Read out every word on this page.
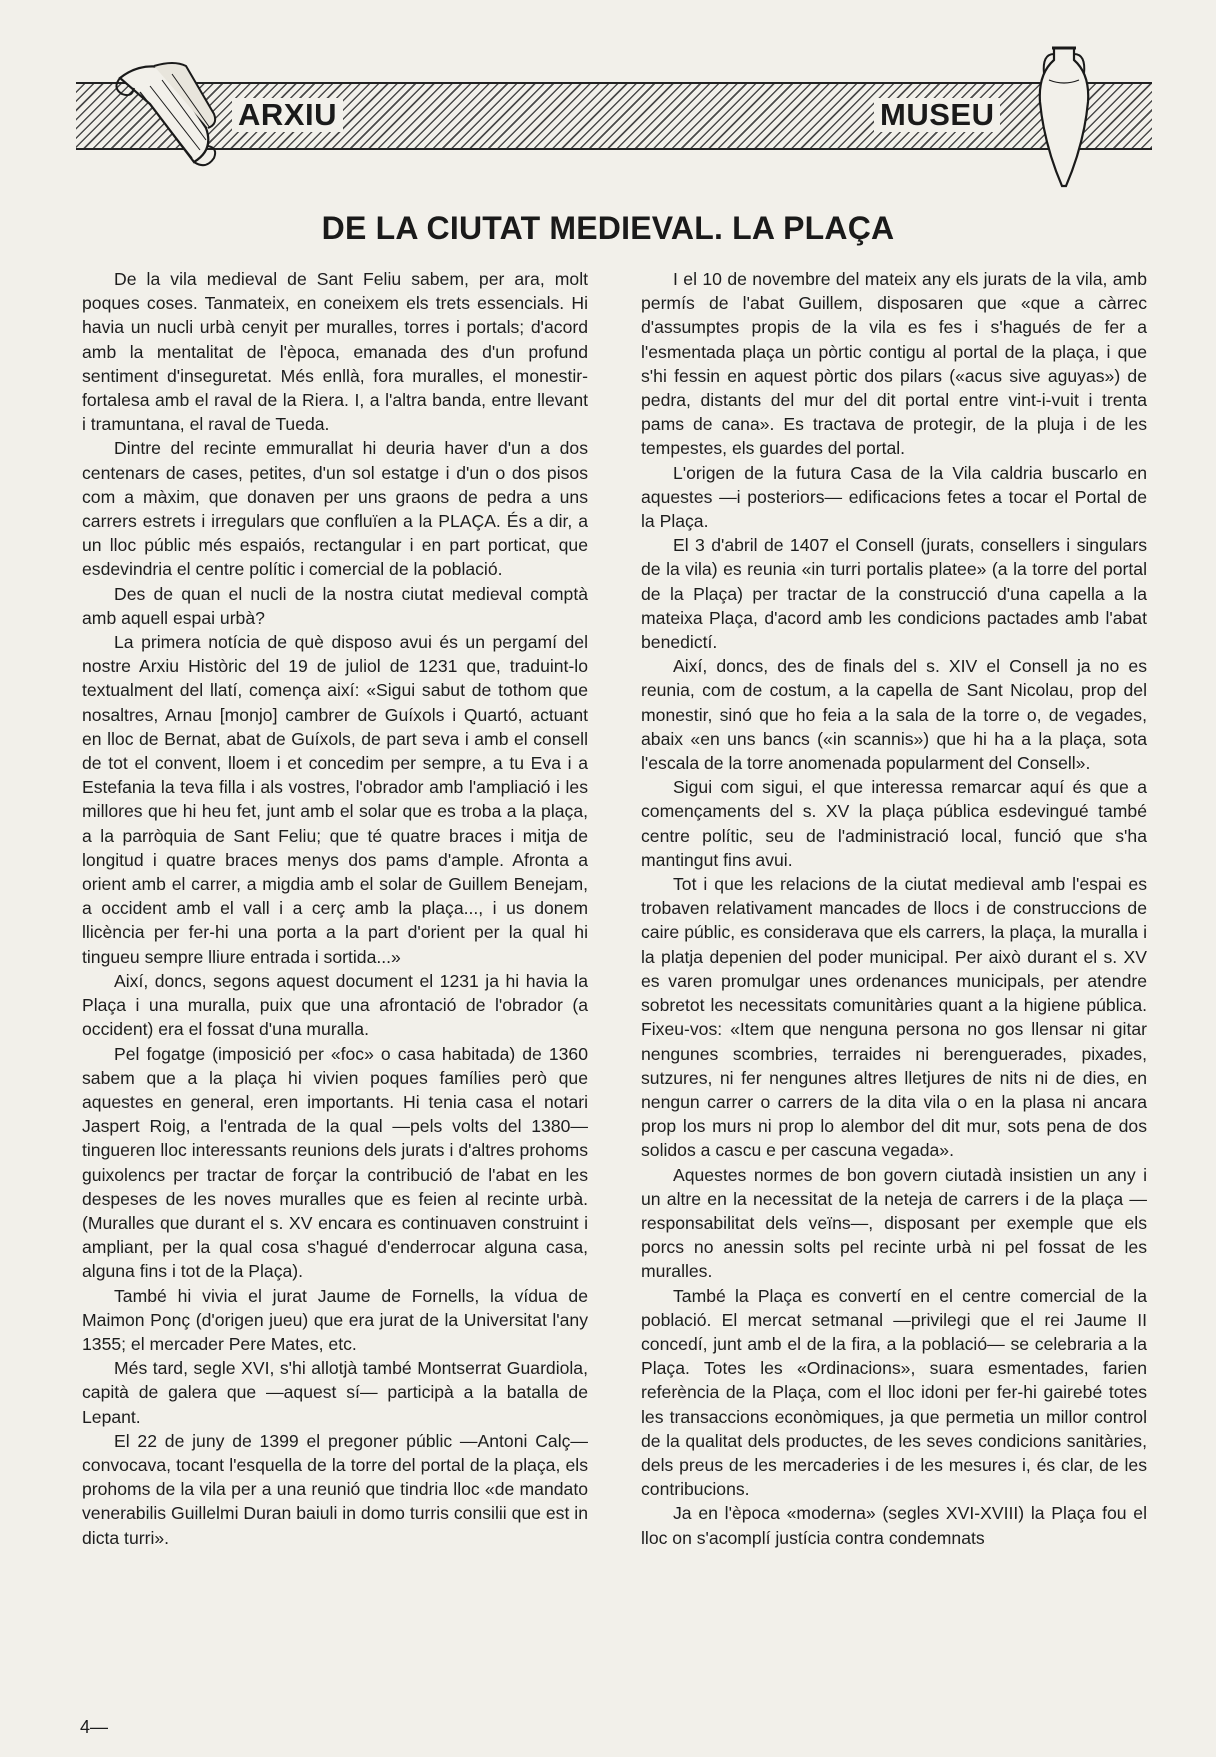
ARXIU	MUSEU
DE LA CIUTAT MEDIEVAL. LA PLAÇA

De la vila medieval de Sant Feliu sabem, per ara, molt poques coses. Tanmateix, en coneixem els trets essencials. Hi havia un nucli urbà cenyit per muralles, torres i portals; d'acord amb la mentalitat de l'època, emanada des d'un profund sentiment d'inseguretat. Més enllà, fora muralles, el monestir-fortalesa amb el raval de la Riera. I, a l'altra banda, entre llevant i tramuntana, el raval de Tueda.

Dintre del recinte emmurallat hi deuria haver d'un a dos centenars de cases, petites, d'un sol estatge i d'un o dos pisos com a màxim, que donaven per uns graons de pedra a uns carrers estrets i irregulars que confluïen a la PLAÇA. És a dir, a un lloc públic més espaiós, rectangular i en part porticat, que esdevindria el centre polític i comercial de la població.

Des de quan el nucli de la nostra ciutat medieval comptà amb aquell espai urbà?

La primera notícia de què disposo avui és un pergamí del nostre Arxiu Històric del 19 de juliol de 1231 que, traduint-lo textualment del llatí, comença així: «Sigui sabut de tothom que nosaltres, Arnau [monjo] cambrer de Guíxols i Quartó, actuant en lloc de Bernat, abat de Guíxols, de part seva i amb el consell de tot el convent, lloem i et concedim per sempre, a tu Eva i a Estefania la teva filla i als vostres, l'obrador amb l'ampliació i les millores que hi heu fet, junt amb el solar que es troba a la plaça, a la parròquia de Sant Feliu; que té quatre braces i mitja de longitud i quatre braces menys dos pams d'ample. Afronta a orient amb el carrer, a migdia amb el solar de Guillem Benejam, a occident amb el vall i a cerç amb la plaça..., i us donem llicència per fer-hi una porta a la part d'orient per la qual hi tingueu sempre lliure entrada i sortida...»

Així, doncs, segons aquest document el 1231 ja hi havia la Plaça i una muralla, puix que una afrontació de l'obrador (a occident) era el fossat d'una muralla.

Pel fogatge (imposició per «foc» o casa habitada) de 1360 sabem que a la plaça hi vivien poques famílies però que aquestes en general, eren importants. Hi tenia casa el notari Jaspert Roig, a l'entrada de la qual —pels volts del 1380— tingueren lloc interessants reunions dels jurats i d'altres prohoms guixolencs per tractar de forçar la contribució de l'abat en les despeses de les noves muralles que es feien al recinte urbà. (Muralles que durant el s. XV encara es continuaven construint i ampliant, per la qual cosa s'hagué d'enderrocar alguna casa, alguna fins i tot de la Plaça).

També hi vivia el jurat Jaume de Fornells, la vídua de Maimon Ponç (d'origen jueu) que era jurat de la Universitat l'any 1355; el mercader Pere Mates, etc.

Més tard, segle XVI, s'hi allotjà també Montserrat Guardiola, capità de galera que —aquest sí— participà a la batalla de Lepant.

El 22 de juny de 1399 el pregoner públic —Antoni Calç— convocava, tocant l'esquella de la torre del portal de la plaça, els prohoms de la vila per a una reunió que tindria lloc «de mandato venerabilis Guillelmi Duran baiuli in domo turris consilii que est in dicta turri».

I el 10 de novembre del mateix any els jurats de la vila, amb permís de l'abat Guillem, disposaren que «que a càrrec d'assumptes propis de la vila es fes i s'hagués de fer a l'esmentada plaça un pòrtic contigu al portal de la plaça, i que s'hi fessin en aquest pòrtic dos pilars («acus sive aguyas») de pedra, distants del mur del dit portal entre vint-i-vuit i trenta pams de cana». Es tractava de protegir, de la pluja i de les tempestes, els guardes del portal.

L'origen de la futura Casa de la Vila caldria buscarlo en aquestes —i posteriors— edificacions fetes a tocar el Portal de la Plaça.

El 3 d'abril de 1407 el Consell (jurats, consellers i singulars de la vila) es reunia «in turri portalis platee» (a la torre del portal de la Plaça) per tractar de la construcció d'una capella a la mateixa Plaça, d'acord amb les condicions pactades amb l'abat benedictí.

Així, doncs, des de finals del s. XIV el Consell ja no es reunia, com de costum, a la capella de Sant Nicolau, prop del monestir, sinó que ho feia a la sala de la torre o, de vegades, abaix «en uns bancs («in scannis») que hi ha a la plaça, sota l'escala de la torre anomenada popularment del Consell».

Sigui com sigui, el que interessa remarcar aquí és que a començaments del s. XV la plaça pública esdevingué també centre polític, seu de l'administració local, funció que s'ha mantingut fins avui.

Tot i que les relacions de la ciutat medieval amb l'espai es trobaven relativament mancades de llocs i de construccions de caire públic, es considerava que els carrers, la plaça, la muralla i la platja depenien del poder municipal. Per això durant el s. XV es varen promulgar unes ordenances municipals, per atendre sobretot les necessitats comunitàries quant a la higiene pública. Fixeu-vos: «Item que nenguna persona no gos llensar ni gitar nengunes scombries, terraides ni berenguerades, pixades, sutzures, ni fer nengunes altres lletjures de nits ni de dies, en nengun carrer o carrers de la dita vila o en la plasa ni ancara prop los murs ni prop lo alembor del dit mur, sots pena de dos solidos a cascu e per cascuna vegada».

Aquestes normes de bon govern ciutadà insistien un any i un altre en la necessitat de la neteja de carrers i de la plaça —responsabilitat dels veïns—, disposant per exemple que els porcs no anessin solts pel recinte urbà ni pel fossat de les muralles.

També la Plaça es convertí en el centre comercial de la població. El mercat setmanal —privilegi que el rei Jaume II concedí, junt amb el de la fira, a la població— se celebraria a la Plaça. Totes les «Ordinacions», suara esmentades, farien referència de la Plaça, com el lloc idoni per fer-hi gairebé totes les transaccions econòmiques, ja que permetia un millor control de la qualitat dels productes, de les seves condicions sanitàries, dels preus de les mercaderies i de les mesures i, és clar, de les contribucions.

Ja en l'època «moderna» (segles XVI-XVIII) la Plaça fou el lloc on s'acomplí justícia contra condemnats

4—
